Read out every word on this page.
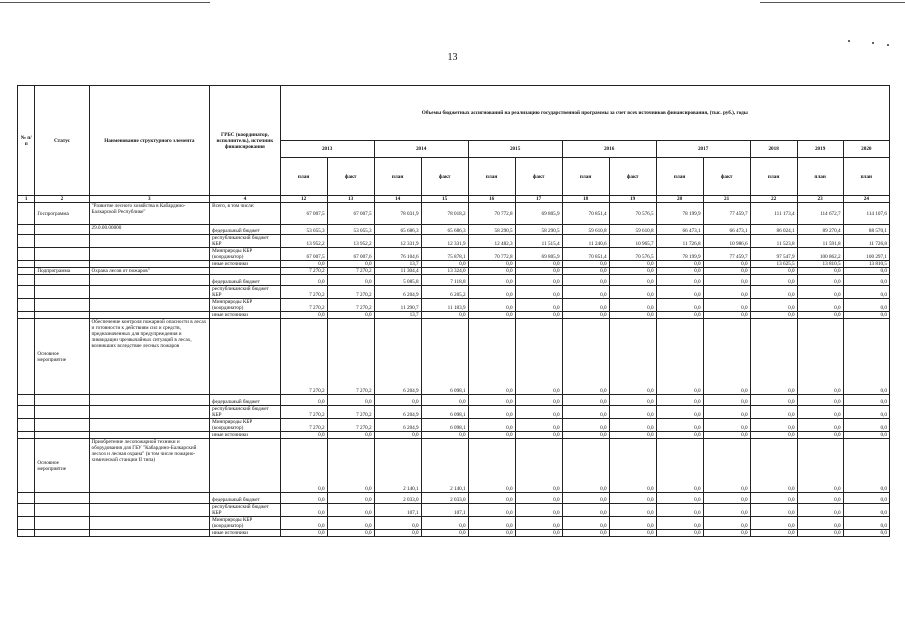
13
№ п/п	Статус	Наименование структурного элемента	ГРБС (координатор, исполнитель), источник финансирования	Объемы бюджетных ассигнований на реализацию государственной программы за счет всех источников финансирования, (тыс. руб.), годы												
				2013		2014		2015		2016		2017		2018	2019	2020
				план	факт	план	факт	план	факт	план	факт	план	факт	план	план	план
1	2	3	4	12	13	14	15	16	17	18	19	20	21	22	23	24
	Госпрограмма	"Развитие лесного хозяйства в Кабардино-Балкарской Республике"	Всего, в том числе:	67 007,5	67 007,5	78 031,9	78 018,2	70 772,8	69 805,9	70 851,4	70 576,5	78 199,9	77 459,7	111 173,4	114 672,7	114 107,6
		29.0.00.00000	федеральный бюджет	53 055,3	53 055,3	65 686,3	65 686,3	58 290,5	58 290,5	59 610,8	59 610,8	66 473,1	66 473,1	86 024,1	89 270,4	88 570,1
			республиканский бюджет КБР	13 952,2	13 952,2	12 331,9	12 331,9	12 482,3	11 515,4	11 240,6	10 965,7	11 726,8	10 986,6	11 523,8	11 591,8	11 726,8
			Минприроды КБР (координатор)	67 007,5	67 007,6	76 104,6	75 878,1	70 772,8	69 805,9	70 851,4	70 576,5	78 199,9	77 459,7	97 547,9	100 862,2	100 297,1
			иные источники	0,0	0,0	13,7	0,0	0,0	0,0	0,0	0,0	0,0	0,0	13 625,5	13 810,5	13 810,5
	Подпрограмма	Охрана лесов от пожаров"		7 270,2	7 270,2	11 304,4	13 324,0	0,0	0,0	0,0	0,0	0,0	0,0	0,0	0,0	0,0
			федеральный бюджет	0,0	0,0	5 085,8	7 118,8	0,0	0,0	0,0	0,0	0,0	0,0	0,0	0,0	0,0
			республиканский бюджет КБР	7 270,2	7 270,2	6 204,9	6 205,2	0,0	0,0	0,0	0,0	0,0	0,0	0,0	0,0	0,0
			Минприроды КБР (координатор)	7 270,2	7 270,2	11 290,7	11 183,9	0,0	0,0	0,0	0,0	0,0	0,0	0,0	0,0	0,0
			иные источники	0,0	0,0	13,7	0,0	0,0	0,0	0,0	0,0	0,0	0,0	0,0	0,0	0,0
	Основное мероприятие	Обеспечение контроля пожарной опасности в лесах и готовности к действиям сил и средств, предназначенных для предупреждения и ликвидации чрезвычайных ситуаций в лесах, возникших вследствие лесных пожаров		7 270,2	7 270,2	6 204,9	6 098,1	0,0	0,0	0,0	0,0	0,0	0,0	0,0	0,0	0,0
			федеральный бюджет	0,0	0,0	0,0	0,0	0,0	0,0	0,0	0,0	0,0	0,0	0,0	0,0	0,0
			республиканский бюджет КБР	7 270,2	7 270,2	6 204,9	6 098,1	0,0	0,0	0,0	0,0	0,0	0,0	0,0	0,0	0,0
			Минприроды КБР (координатор)	7 270,2	7 270,2	6 204,9	6 098,1	0,0	0,0	0,0	0,0	0,0	0,0	0,0	0,0	0,0
			иные источники	0,0	0,0	0,0	0,0	0,0	0,0	0,0	0,0	0,0	0,0	0,0	0,0	0,0
	Основное мероприятие	Приобретение лесопожарной техники и оборудования для ГБУ "Кабардино-Балкарский лесхоз и лесная охрана" (в том числе пожарно-химической станции II типа)		0,0	0,0	2 140,1	2 140,1	0,0	0,0	0,0	0,0	0,0	0,0	0,0	0,0	0,0
			федеральный бюджет	0,0	0,0	2 033,0	2 033,0	0,0	0,0	0,0	0,0	0,0	0,0	0,0	0,0	0,0
			республиканский бюджет КБР	0,0	0,0	107,1	107,1	0,0	0,0	0,0	0,0	0,0	0,0	0,0	0,0	0,0
			Минприроды КБР (координатор)	0,0	0,0	0,0	0,0	0,0	0,0	0,0	0,0	0,0	0,0	0,0	0,0	0,0
			иные источники	0,0	0,0	0,0	0,0	0,0	0,0	0,0	0,0	0,0	0,0	0,0	0,0	0,0
